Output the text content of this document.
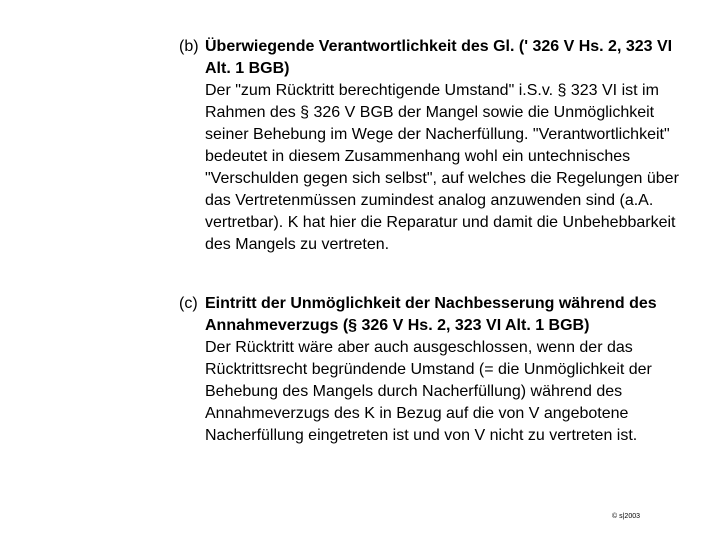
(b) Überwiegende Verantwortlichkeit des Gl. (' 326 V Hs. 2, 323 VI Alt. 1 BGB)
Der "zum Rücktritt berechtigende Umstand" i.S.v. § 323 VI ist im Rahmen des § 326 V BGB der Mangel sowie die Unmöglichkeit seiner Behebung im Wege der Nacherfüllung. "Verantwortlichkeit" bedeutet in diesem Zusammenhang wohl ein untechnisches "Verschulden gegen sich selbst", auf welches die Regelungen über das Vertretenmüssen zumindest analog anzuwenden sind (a.A. vertretbar). K hat hier die Reparatur und damit die Unbehebbarkeit des Mangels zu vertreten.
(c) Eintritt der Unmöglichkeit der Nachbesserung während des Annahmeverzugs (§ 326 V Hs. 2, 323 VI Alt. 1 BGB)
Der Rücktritt wäre aber auch ausgeschlossen, wenn der das Rücktrittsrecht begründende Umstand (= die Unmöglichkeit der Behebung des Mangels durch Nacherfüllung) während des Annahmeverzugs des K in Bezug auf die von V angebotene Nacherfüllung eingetreten ist und von V nicht zu vertreten ist.
© s|2003
